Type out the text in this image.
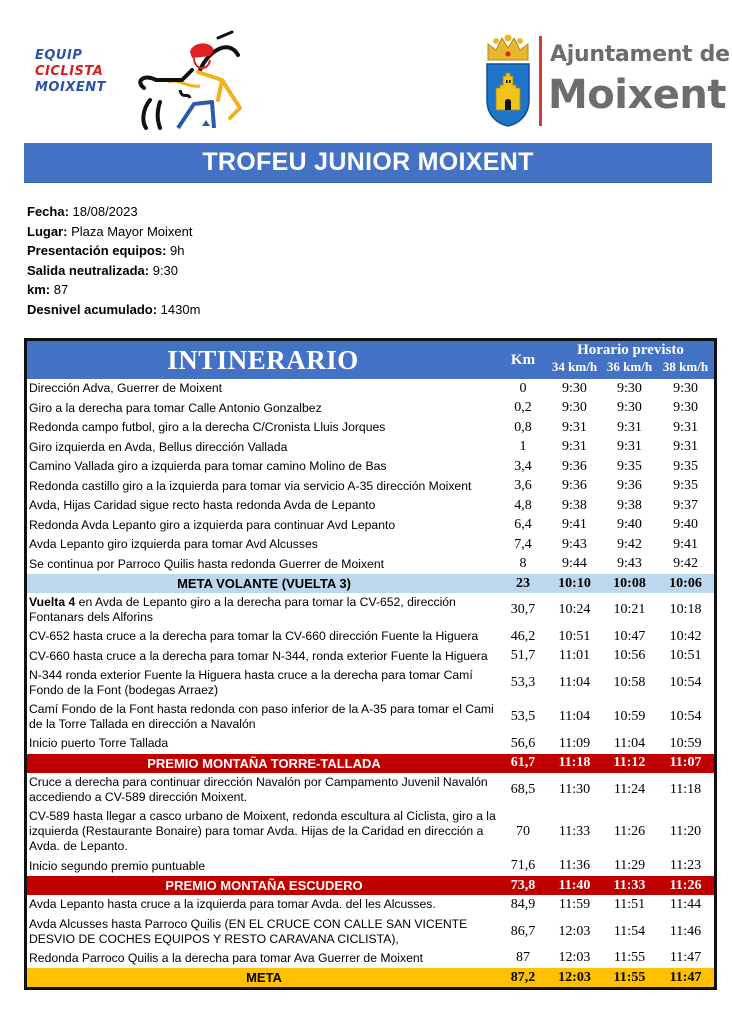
EQUIP
CICLISTA
MOIXENT
Ajuntament de
Moixent
TROFEU JUNIOR MOIXENT
Fecha: 18/08/2023
Lugar: Plaza Mayor Moixent
Presentación equipos: 9h
Salida neutralizada: 9:30
km: 87
Desnivel acumulado: 1430m
INTINERARIO	Km	Horario previsto		
		34 km/h	36 km/h	38 km/h
Dirección Adva, Guerrer de Moixent	0	9:30	9:30	9:30
Giro a la derecha para tomar Calle Antonio Gonzalbez	0,2	9:30	9:30	9:30
Redonda campo futbol, giro a la derecha C/Cronista Lluis Jorques	0,8	9:31	9:31	9:31
Giro izquierda en Avda, Bellus dirección Vallada	1	9:31	9:31	9:31
Camino Vallada giro a izquierda para tomar camino Molino de Bas	3,4	9:36	9:35	9:35
Redonda castillo giro a la izquierda para tomar via servicio A-35 dirección Moixent	3,6	9:36	9:36	9:35
Avda, Hijas Caridad sigue recto hasta redonda Avda de Lepanto	4,8	9:38	9:38	9:37
Redonda Avda Lepanto giro a izquierda para continuar Avd Lepanto	6,4	9:41	9:40	9:40
Avda Lepanto giro izquierda para tomar Avd Alcusses	7,4	9:43	9:42	9:41
Se continua por Parroco Quilis hasta redonda Guerrer de Moixent	8	9:44	9:43	9:42
META VOLANTE (VUELTA 3)	23	10:10	10:08	10:06
Vuelta 4 en Avda de Lepanto giro a la derecha para tomar la CV-652, dirección Fontanars dels Alforins	30,7	10:24	10:21	10:18
CV-652 hasta cruce a la derecha para tomar la CV-660 dirección Fuente la Higuera	46,2	10:51	10:47	10:42
CV-660 hasta cruce a la derecha para tomar N-344, ronda exterior Fuente la Higuera	51,7	11:01	10:56	10:51
N-344 ronda exterior Fuente la Higuera hasta cruce a la derecha para tomar Camí Fondo de la Font (bodegas Arraez)	53,3	11:04	10:58	10:54
Camí Fondo de la Font hasta redonda con paso inferior de la A-35 para tomar el Cami de la Torre Tallada en dirección a Navalón	53,5	11:04	10:59	10:54
Inicio puerto Torre Tallada	56,6	11:09	11:04	10:59
PREMIO MONTAÑA TORRE-TALLADA	61,7	11:18	11:12	11:07
Cruce a derecha para continuar dirección Navalón por Campamento Juvenil Navalón accediendo a CV-589 dirección Moixent.	68,5	11:30	11:24	11:18
CV-589 hasta llegar a casco urbano de Moixent, redonda escultura al Ciclista, giro a la izquierda (Restaurante Bonaire) para tomar Avda. Hijas de la Caridad en dirección a Avda. de Lepanto.	70	11:33	11:26	11:20
Inicio segundo premio puntuable	71,6	11:36	11:29	11:23
PREMIO MONTAÑA ESCUDERO	73,8	11:40	11:33	11:26
Avda Lepanto hasta cruce a la izquierda para tomar Avda. del les Alcusses.	84,9	11:59	11:51	11:44
Avda Alcusses hasta Parroco Quilis (EN EL CRUCE CON CALLE SAN VICENTE DESVIO DE COCHES EQUIPOS Y RESTO CARAVANA CICLISTA),	86,7	12:03	11:54	11:46
Redonda Parroco Quilis a la derecha para tomar Ava Guerrer de Moixent	87	12:03	11:55	11:47
META	87,2	12:03	11:55	11:47
